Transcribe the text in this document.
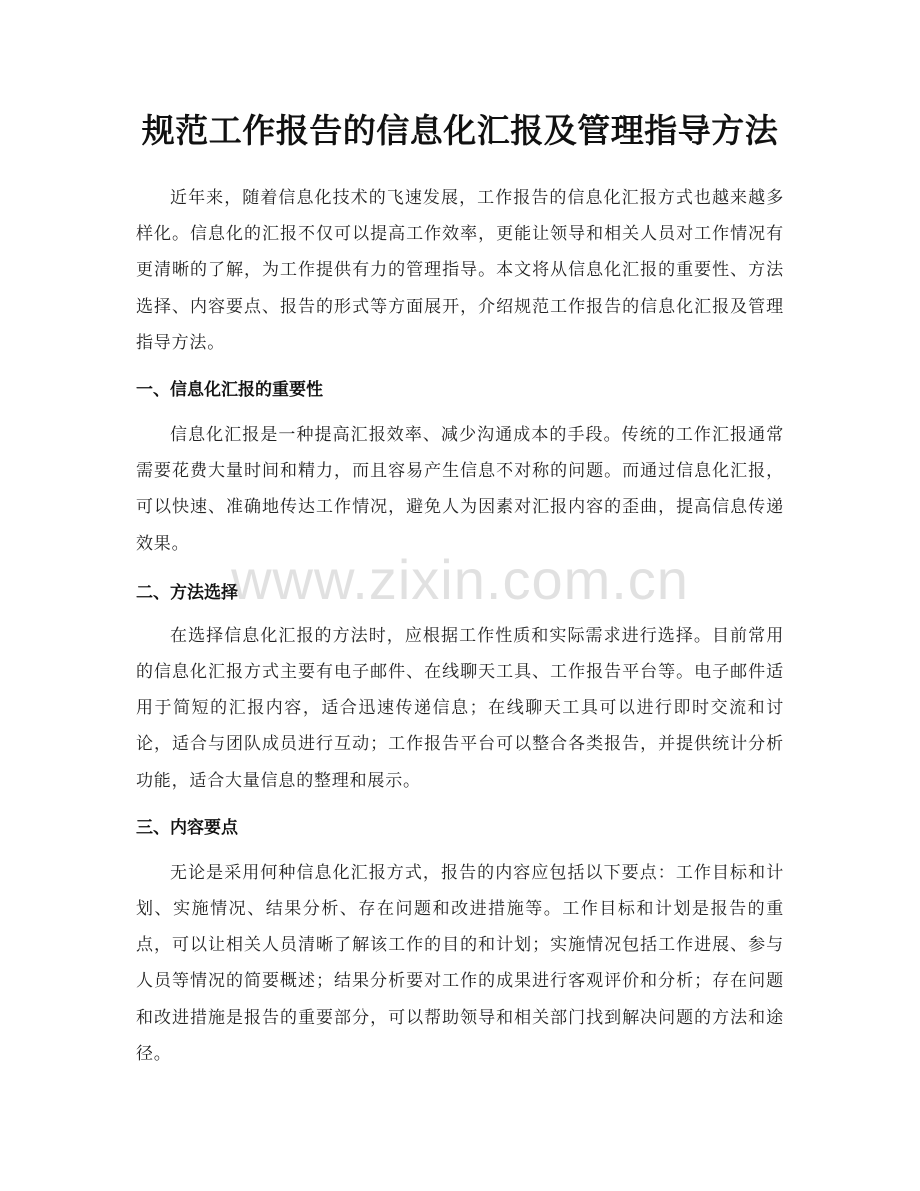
规范工作报告的信息化汇报及管理指导方法

近年来，随着信息化技术的飞速发展，工作报告的信息化汇报方式也越来越多样化。信息化的汇报不仅可以提高工作效率，更能让领导和相关人员对工作情况有更清晰的了解，为工作提供有力的管理指导。本文将从信息化汇报的重要性、方法选择、内容要点、报告的形式等方面展开，介绍规范工作报告的信息化汇报及管理指导方法。

一、信息化汇报的重要性

信息化汇报是一种提高汇报效率、减少沟通成本的手段。传统的工作汇报通常需要花费大量时间和精力，而且容易产生信息不对称的问题。而通过信息化汇报，可以快速、准确地传达工作情况，避免人为因素对汇报内容的歪曲，提高信息传递效果。

二、方法选择

在选择信息化汇报的方法时，应根据工作性质和实际需求进行选择。目前常用的信息化汇报方式主要有电子邮件、在线聊天工具、工作报告平台等。电子邮件适用于简短的汇报内容，适合迅速传递信息；在线聊天工具可以进行即时交流和讨论，适合与团队成员进行互动；工作报告平台可以整合各类报告，并提供统计分析功能，适合大量信息的整理和展示。

三、内容要点

无论是采用何种信息化汇报方式，报告的内容应包括以下要点：工作目标和计划、实施情况、结果分析、存在问题和改进措施等。工作目标和计划是报告的重点，可以让相关人员清晰了解该工作的目的和计划；实施情况包括工作进展、参与人员等情况的简要概述；结果分析要对工作的成果进行客观评价和分析；存在问题和改进措施是报告的重要部分，可以帮助领导和相关部门找到解决问题的方法和途径。

www.zixin.com.cn
